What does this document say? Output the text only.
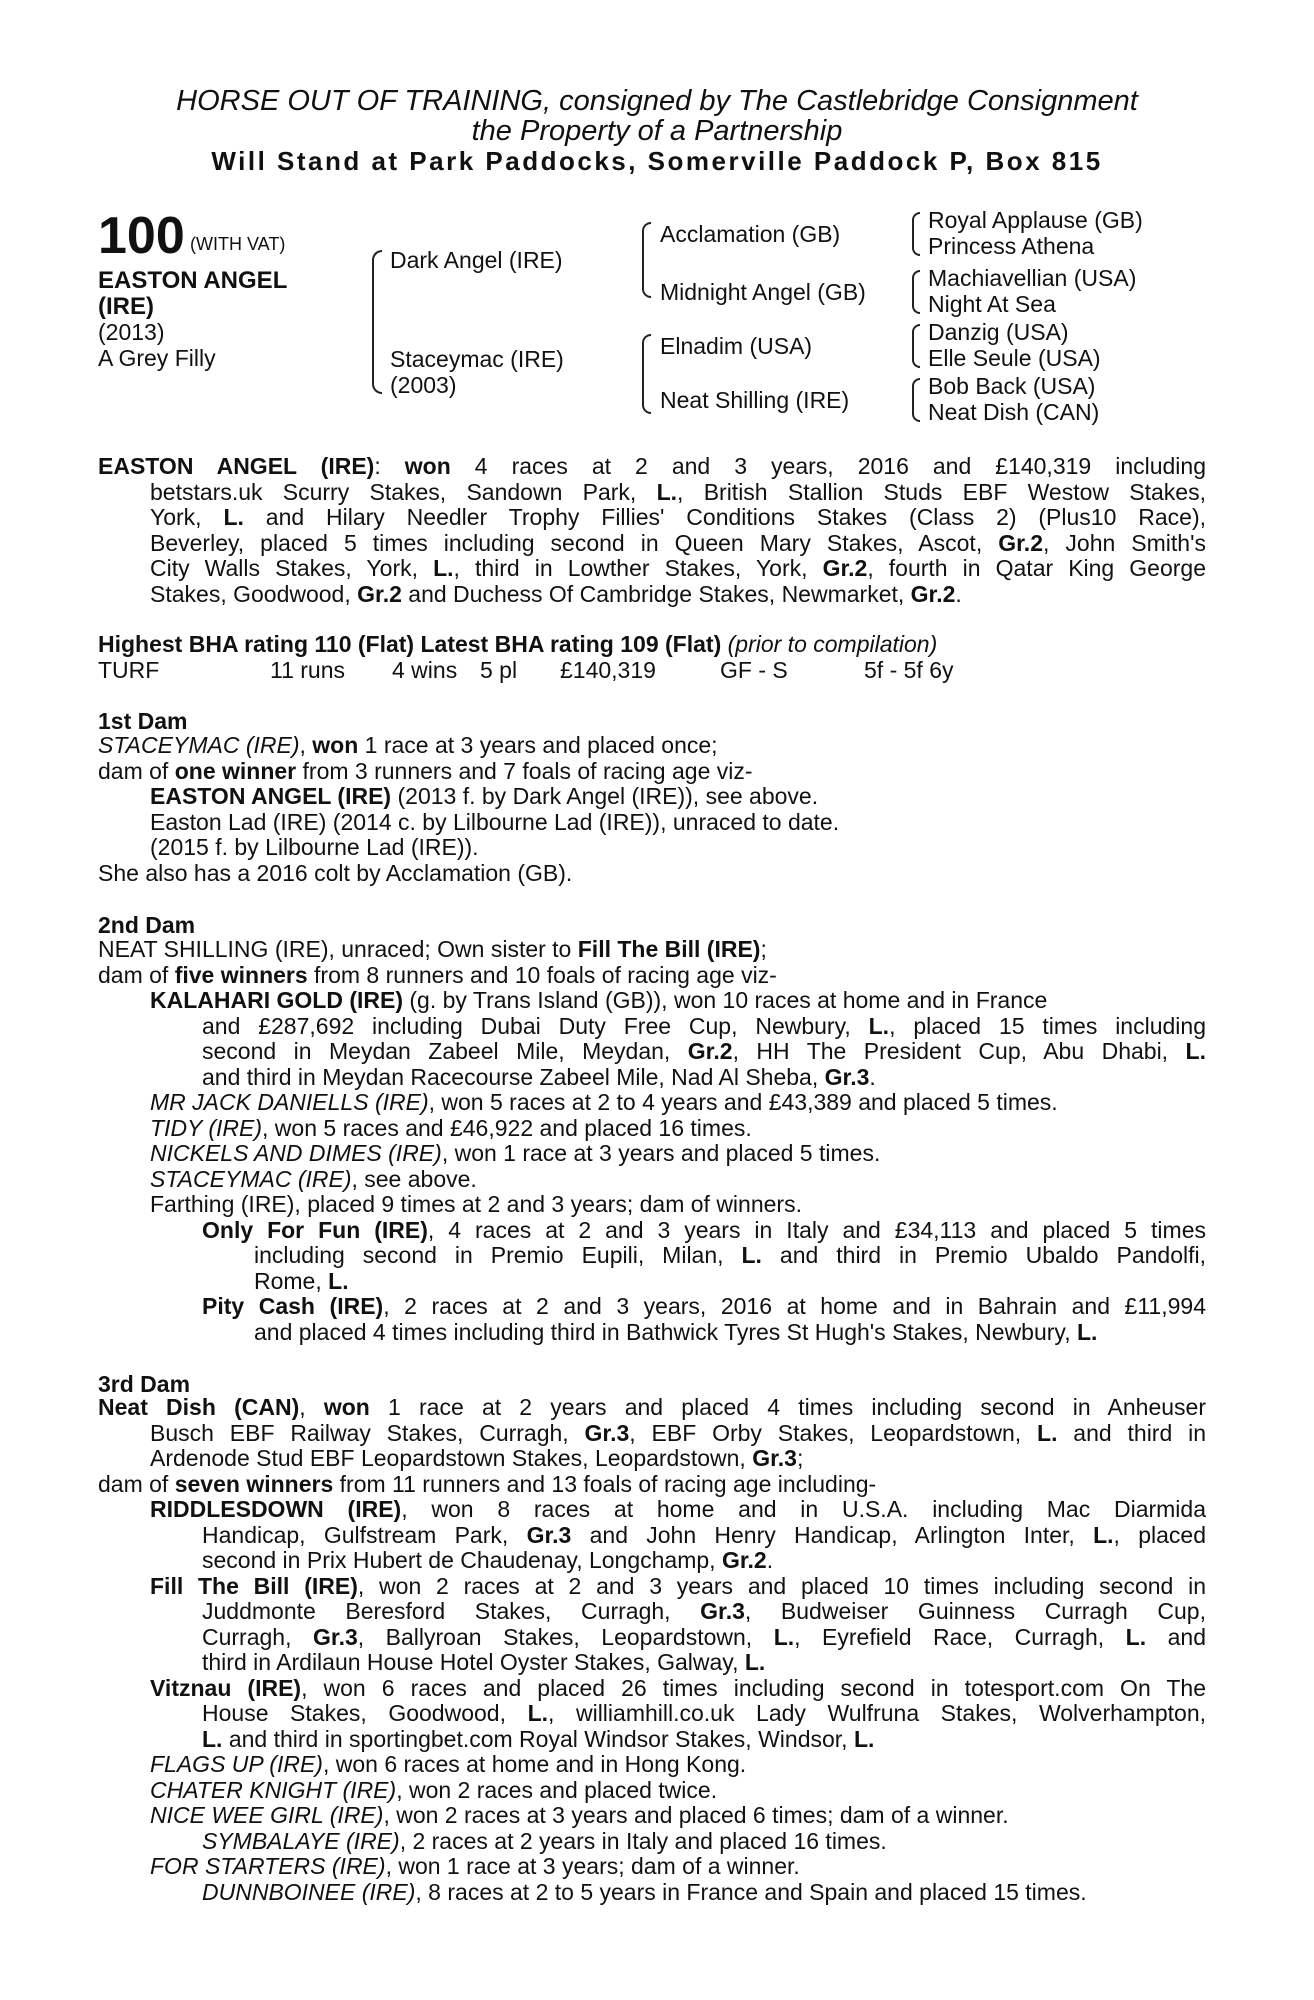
HORSE OUT OF TRAINING, consigned by The Castlebridge Consignment
the Property of a Partnership
Will Stand at Park Paddocks, Somerville Paddock P, Box 815
100 (WITH VAT)
EASTON ANGEL
(IRE)
(2013)
A Grey Filly
Dark Angel (IRE)
Staceymac (IRE)
(2003)
Acclamation (GB)
Midnight Angel (GB)
Elnadim (USA)
Neat Shilling (IRE)
Royal Applause (GB)
Princess Athena
Machiavellian (USA)
Night At Sea
Danzig (USA)
Elle Seule (USA)
Bob Back (USA)
Neat Dish (CAN)
EASTON ANGEL (IRE): won 4 races at 2 and 3 years, 2016 and £140,319 including
betstars.uk Scurry Stakes, Sandown Park, L., British Stallion Studs EBF Westow Stakes,
York, L. and Hilary Needler Trophy Fillies' Conditions Stakes (Class 2) (Plus10 Race),
Beverley, placed 5 times including second in Queen Mary Stakes, Ascot, Gr.2, John Smith's
City Walls Stakes, York, L., third in Lowther Stakes, York, Gr.2, fourth in Qatar King George
Stakes, Goodwood, Gr.2 and Duchess Of Cambridge Stakes, Newmarket, Gr.2.
Highest BHA rating 110 (Flat) Latest BHA rating 109 (Flat) (prior to compilation)
TURF	11 runs 4 wins 5 pl £140,319	GF - S	5f - 5f 6y
1st Dam
STACEYMAC (IRE), won 1 race at 3 years and placed once;
dam of one winner from 3 runners and 7 foals of racing age viz-
EASTON ANGEL (IRE) (2013 f. by Dark Angel (IRE)), see above.
Easton Lad (IRE) (2014 c. by Lilbourne Lad (IRE)), unraced to date.
(2015 f. by Lilbourne Lad (IRE)).
She also has a 2016 colt by Acclamation (GB).
2nd Dam
NEAT SHILLING (IRE), unraced; Own sister to Fill The Bill (IRE);
dam of five winners from 8 runners and 10 foals of racing age viz-
KALAHARI GOLD (IRE) (g. by Trans Island (GB)), won 10 races at home and in France
and £287,692 including Dubai Duty Free Cup, Newbury, L., placed 15 times including
second in Meydan Zabeel Mile, Meydan, Gr.2, HH The President Cup, Abu Dhabi, L.
and third in Meydan Racecourse Zabeel Mile, Nad Al Sheba, Gr.3.
MR JACK DANIELLS (IRE), won 5 races at 2 to 4 years and £43,389 and placed 5 times.
TIDY (IRE), won 5 races and £46,922 and placed 16 times.
NICKELS AND DIMES (IRE), won 1 race at 3 years and placed 5 times.
STACEYMAC (IRE), see above.
Farthing (IRE), placed 9 times at 2 and 3 years; dam of winners.
Only For Fun (IRE), 4 races at 2 and 3 years in Italy and £34,113 and placed 5 times
including second in Premio Eupili, Milan, L. and third in Premio Ubaldo Pandolfi,
Rome, L.
Pity Cash (IRE), 2 races at 2 and 3 years, 2016 at home and in Bahrain and £11,994
and placed 4 times including third in Bathwick Tyres St Hugh's Stakes, Newbury, L.
3rd Dam
Neat Dish (CAN), won 1 race at 2 years and placed 4 times including second in Anheuser
Busch EBF Railway Stakes, Curragh, Gr.3, EBF Orby Stakes, Leopardstown, L. and third in
Ardenode Stud EBF Leopardstown Stakes, Leopardstown, Gr.3;
dam of seven winners from 11 runners and 13 foals of racing age including-
RIDDLESDOWN (IRE), won 8 races at home and in U.S.A. including Mac Diarmida
Handicap, Gulfstream Park, Gr.3 and John Henry Handicap, Arlington Inter, L., placed
second in Prix Hubert de Chaudenay, Longchamp, Gr.2.
Fill The Bill (IRE), won 2 races at 2 and 3 years and placed 10 times including second in
Juddmonte Beresford Stakes, Curragh, Gr.3, Budweiser Guinness Curragh Cup,
Curragh, Gr.3, Ballyroan Stakes, Leopardstown, L., Eyrefield Race, Curragh, L. and
third in Ardilaun House Hotel Oyster Stakes, Galway, L.
Vitznau (IRE), won 6 races and placed 26 times including second in totesport.com On The
House Stakes, Goodwood, L., williamhill.co.uk Lady Wulfruna Stakes, Wolverhampton,
L. and third in sportingbet.com Royal Windsor Stakes, Windsor, L.
FLAGS UP (IRE), won 6 races at home and in Hong Kong.
CHATER KNIGHT (IRE), won 2 races and placed twice.
NICE WEE GIRL (IRE), won 2 races at 3 years and placed 6 times; dam of a winner.
SYMBALAYE (IRE), 2 races at 2 years in Italy and placed 16 times.
FOR STARTERS (IRE), won 1 race at 3 years; dam of a winner.
DUNNBOINEE (IRE), 8 races at 2 to 5 years in France and Spain and placed 15 times.
